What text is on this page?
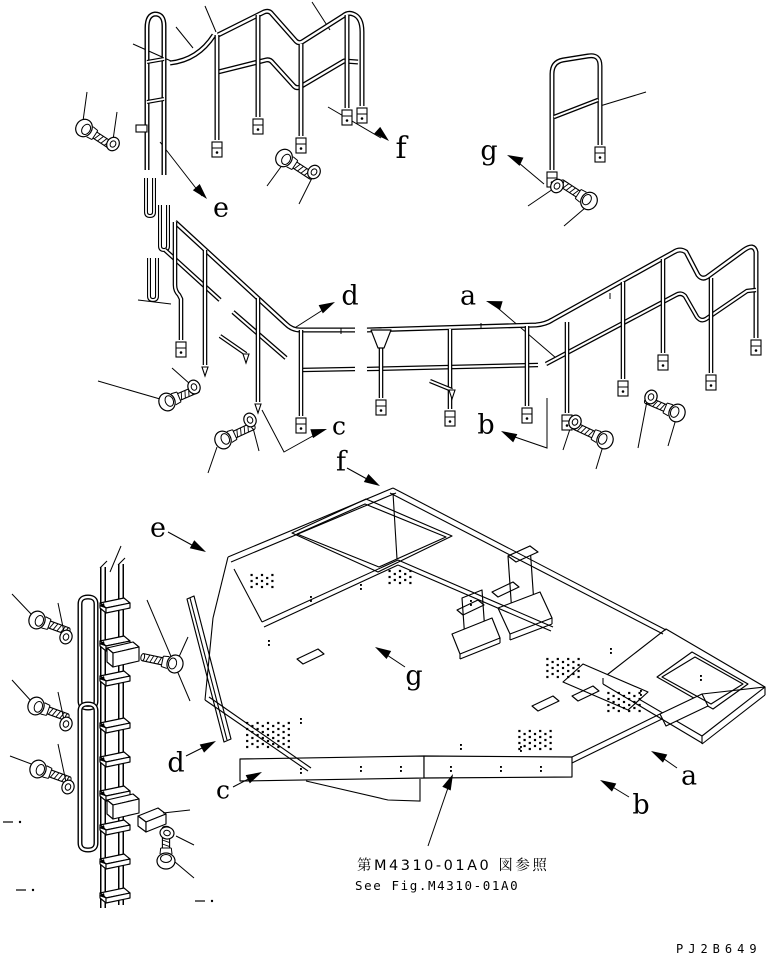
e
f	g
d	a
c	b
f
e
g
d
c	b
a
第M4310-01A0 図参照
See Fig.M4310-01A0
PJ2B649
